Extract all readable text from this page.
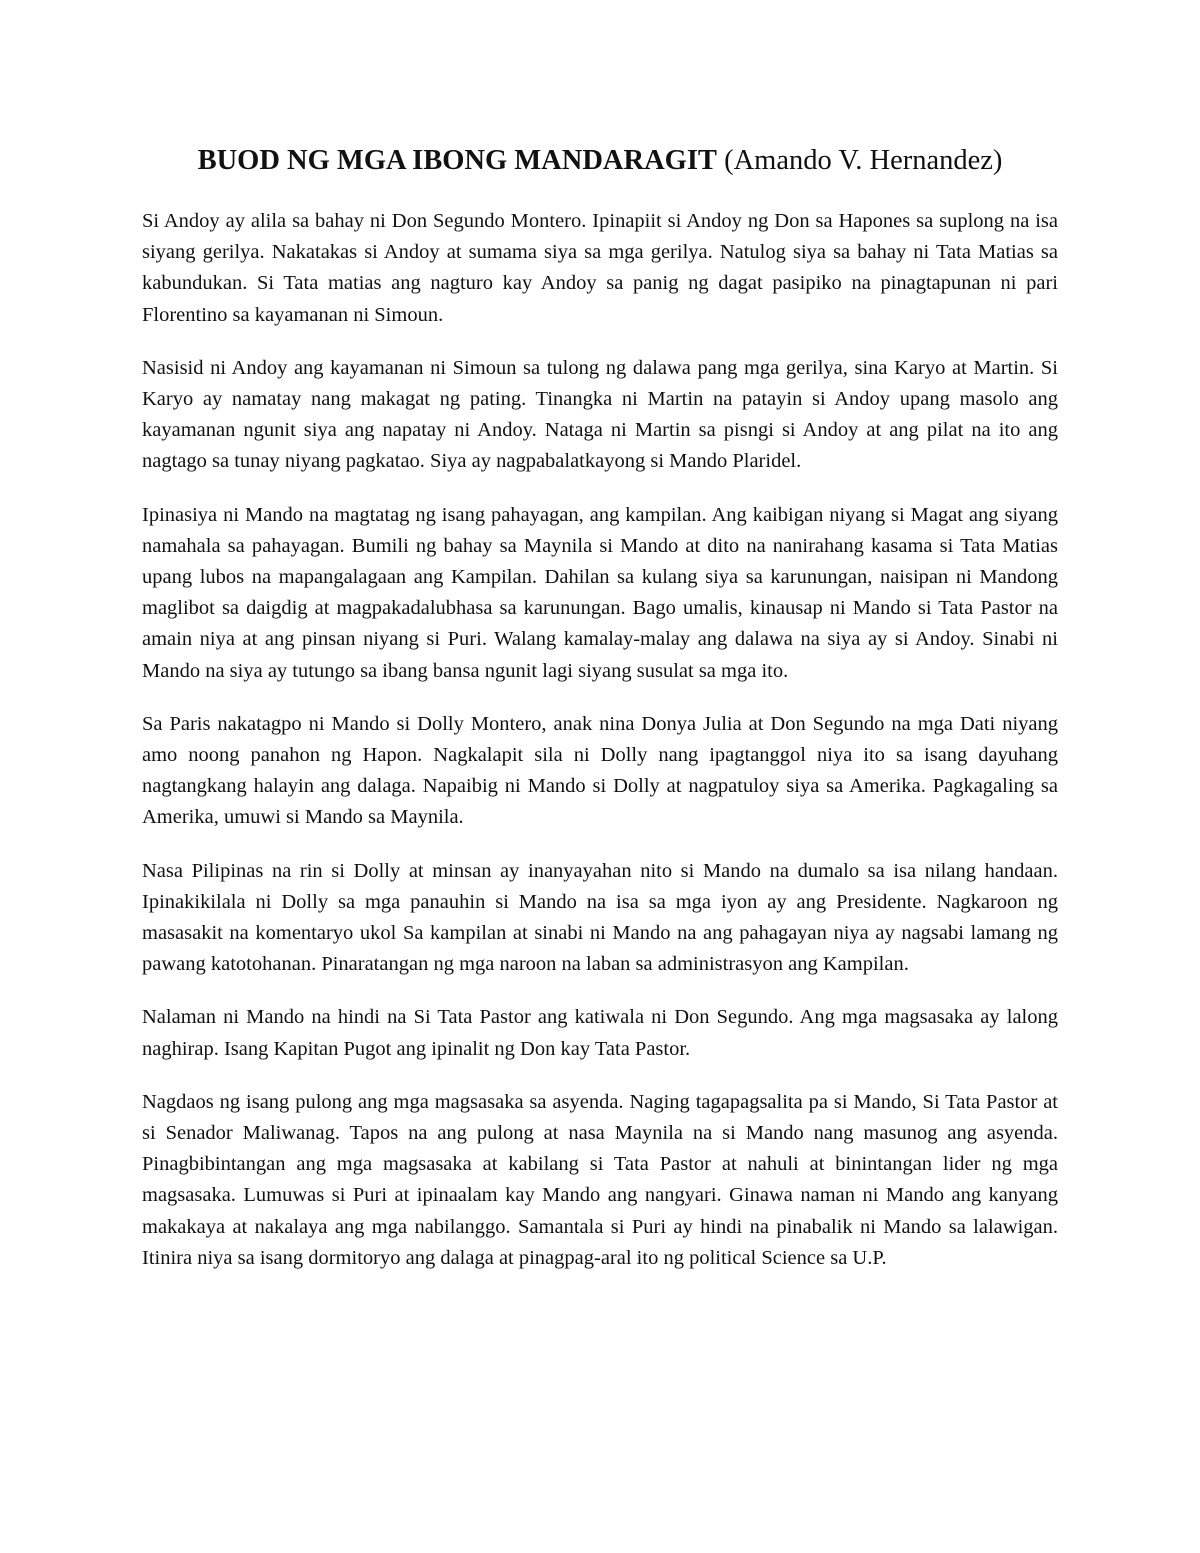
BUOD NG MGA IBONG MANDARAGIT (Amando V. Hernandez)

Si Andoy ay alila sa bahay ni Don Segundo Montero. Ipinapiit si Andoy ng Don sa Hapones sa suplong na isa siyang gerilya. Nakatakas si Andoy at sumama siya sa mga gerilya. Natulog siya sa bahay ni Tata Matias sa kabundukan. Si Tata matias ang nagturo kay Andoy sa panig ng dagat pasipiko na pinagtapunan ni pari Florentino sa kayamanan ni Simoun.

Nasisid ni Andoy ang kayamanan ni Simoun sa tulong ng dalawa pang mga gerilya, sina Karyo at Martin. Si Karyo ay namatay nang makagat ng pating. Tinangka ni Martin na patayin si Andoy upang masolo ang kayamanan ngunit siya ang napatay ni Andoy. Nataga ni Martin sa pisngi si Andoy at ang pilat na ito ang nagtago sa tunay niyang pagkatao. Siya ay nagpabalatkayong si Mando Plaridel.

Ipinasiya ni Mando na magtatag ng isang pahayagan, ang kampilan. Ang kaibigan niyang si Magat ang siyang namahala sa pahayagan. Bumili ng bahay sa Maynila si Mando at dito na nanirahang kasama si Tata Matias upang lubos na mapangalagaan ang Kampilan. Dahilan sa kulang siya sa karunungan, naisipan ni Mandong maglibot sa daigdig at magpakadalubhasa sa karunungan. Bago umalis, kinausap ni Mando si Tata Pastor na amain niya at ang pinsan niyang si Puri. Walang kamalay-malay ang dalawa na siya ay si Andoy. Sinabi ni Mando na siya ay tutungo sa ibang bansa ngunit lagi siyang susulat sa mga ito.

Sa Paris nakatagpo ni Mando si Dolly Montero, anak nina Donya Julia at Don Segundo na mga Dati niyang amo noong panahon ng Hapon. Nagkalapit sila ni Dolly nang ipagtanggol niya ito sa isang dayuhang nagtangkang halayin ang dalaga. Napaibig ni Mando si Dolly at nagpatuloy siya sa Amerika. Pagkagaling sa Amerika, umuwi si Mando sa Maynila.

Nasa Pilipinas na rin si Dolly at minsan ay inanyayahan nito si Mando na dumalo sa isa nilang handaan. Ipinakikilala ni Dolly sa mga panauhin si Mando na isa sa mga iyon ay ang Presidente. Nagkaroon ng masasakit na komentaryo ukol Sa kampilan at sinabi ni Mando na ang pahagayan niya ay nagsabi lamang ng pawang katotohanan. Pinaratangan ng mga naroon na laban sa administrasyon ang Kampilan.

Nalaman ni Mando na hindi na Si Tata Pastor ang katiwala ni Don Segundo. Ang mga magsasaka ay lalong naghirap. Isang Kapitan Pugot ang ipinalit ng Don kay Tata Pastor.

Nagdaos ng isang pulong ang mga magsasaka sa asyenda. Naging tagapagsalita pa si Mando, Si Tata Pastor at si Senador Maliwanag. Tapos na ang pulong at nasa Maynila na si Mando nang masunog ang asyenda. Pinagbibintangan ang mga magsasaka at kabilang si Tata Pastor at nahuli at binintangan lider ng mga magsasaka. Lumuwas si Puri at ipinaalam kay Mando ang nangyari. Ginawa naman ni Mando ang kanyang makakaya at nakalaya ang mga nabilanggo. Samantala si Puri ay hindi na pinabalik ni Mando sa lalawigan. Itinira niya sa isang dormitoryo ang dalaga at pinagpag-aral ito ng political Science sa U.P.
